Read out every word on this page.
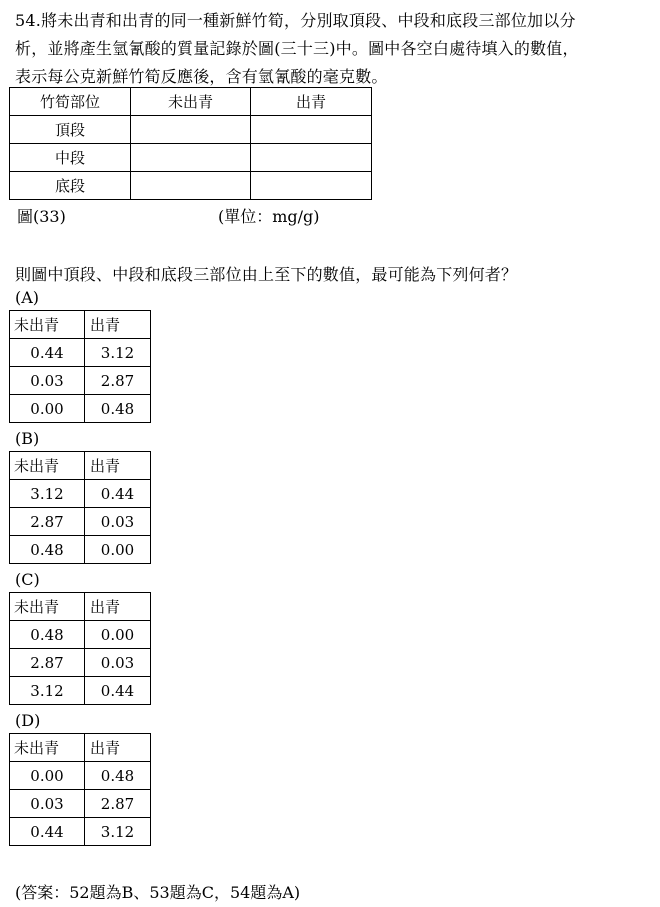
54.將未出青和出青的同一種新鮮竹筍，分別取頂段、中段和底段三部位加以分
析，並將產生氫氰酸的質量記錄於圖(三十三)中。圖中各空白處待填入的數值，
表示每公克新鮮竹筍反應後，含有氫氰酸的毫克數。
竹筍部位	未出青	出青
頂段		
中段		
底段		
圖(33)	(單位：mg/g)
則圖中頂段、中段和底段三部位由上至下的數值，最可能為下列何者？
(A)
未出青	出青
0.44	3.12
0.03	2.87
0.00	0.48
(B)
未出青	出青
3.12	0.44
2.87	0.03
0.48	0.00
(C)
未出青	出青
0.48	0.00
2.87	0.03
3.12	0.44
(D)
未出青	出青
0.00	0.48
0.03	2.87
0.44	3.12
(答案：52題為B、53題為C，54題為A)
